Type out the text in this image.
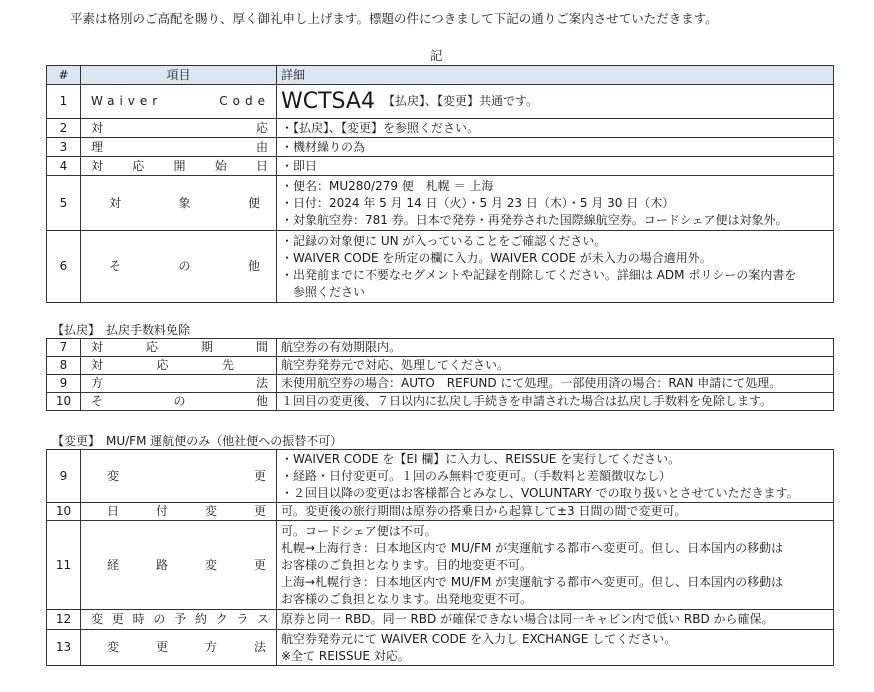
平素は格別のご高配を賜り、厚く御礼申し上げます。標題の件につきまして下記の通りご案内させていただきます。
記
#	項目	詳細
1	Waiver Code	WCTSA4 【払戻】、【変更】共通です。
2	対応	・【払戻】、【変更】を参照ください。
3	理由	・機材繰りの為
4	対応開始日	・即日
5	対象便	・便名：MU280/279 便　札幌 ＝ 上海
・日付：2024 年 5 月 14 日（火）・5 月 23 日（木）・5 月 30 日（木）
・対象航空券：781 券。日本で発券・再発券された国際線航空券。コードシェア便は対象外。

6	その他	・記録の対象便に UN が入っていることをご確認ください。
・WAIVER CODE を所定の欄に入力。WAIVER CODE が未入力の場合適用外。
・出発前までに不要なセグメントや記録を削除してください。詳細は ADM ポリシーの案内書を
　参照ください
【払戻】　払戻手数料免除
7	対応期間	航空券の有効期限内。
8	対応先	航空券発券元で対応、処理してください。
9	方法	未使用航空券の場合：AUTO　REFUND にて処理。一部使用済の場合：RAN 申請にて処理。
10	その他	１回目の変更後、７日以内に払戻し手続きを申請された場合は払戻し手数料を免除します。
【変更】　MU/FM 運航便のみ（他社便への振替不可）
9	変更	・WAIVER CODE を【EI 欄】に入力し、REISSUE を実行してください。
・経路・日付変更可。１回のみ無料で変更可。（手数料と差額徴収なし）
・２回目以降の変更はお客様都合とみなし、VOLUNTARY での取り扱いとさせていただきます。

10	日付変更	可。変更後の旅行期間は原券の搭乗日から起算して±3 日間の間で変更可。
11	経路変更	可。コードシェア便は不可。
札幌→上海行き：日本地区内で MU/FM が実運航する都市へ変更可。但し、日本国内の移動は
お客様のご負担となります。目的地変更不可。
上海→札幌行き：日本地区内で MU/FM が実運航する都市へ変更可。但し、日本国内の移動は
お客様のご負担となります。出発地変更不可。

12	変更時の予約クラス	原券と同一 RBD。同一 RBD が確保できない場合は同一キャビン内で低い RBD から確保。
13	変更方法	航空券発券元にて WAIVER CODE を入力し EXCHANGE してください。
※全て REISSUE 対応。
